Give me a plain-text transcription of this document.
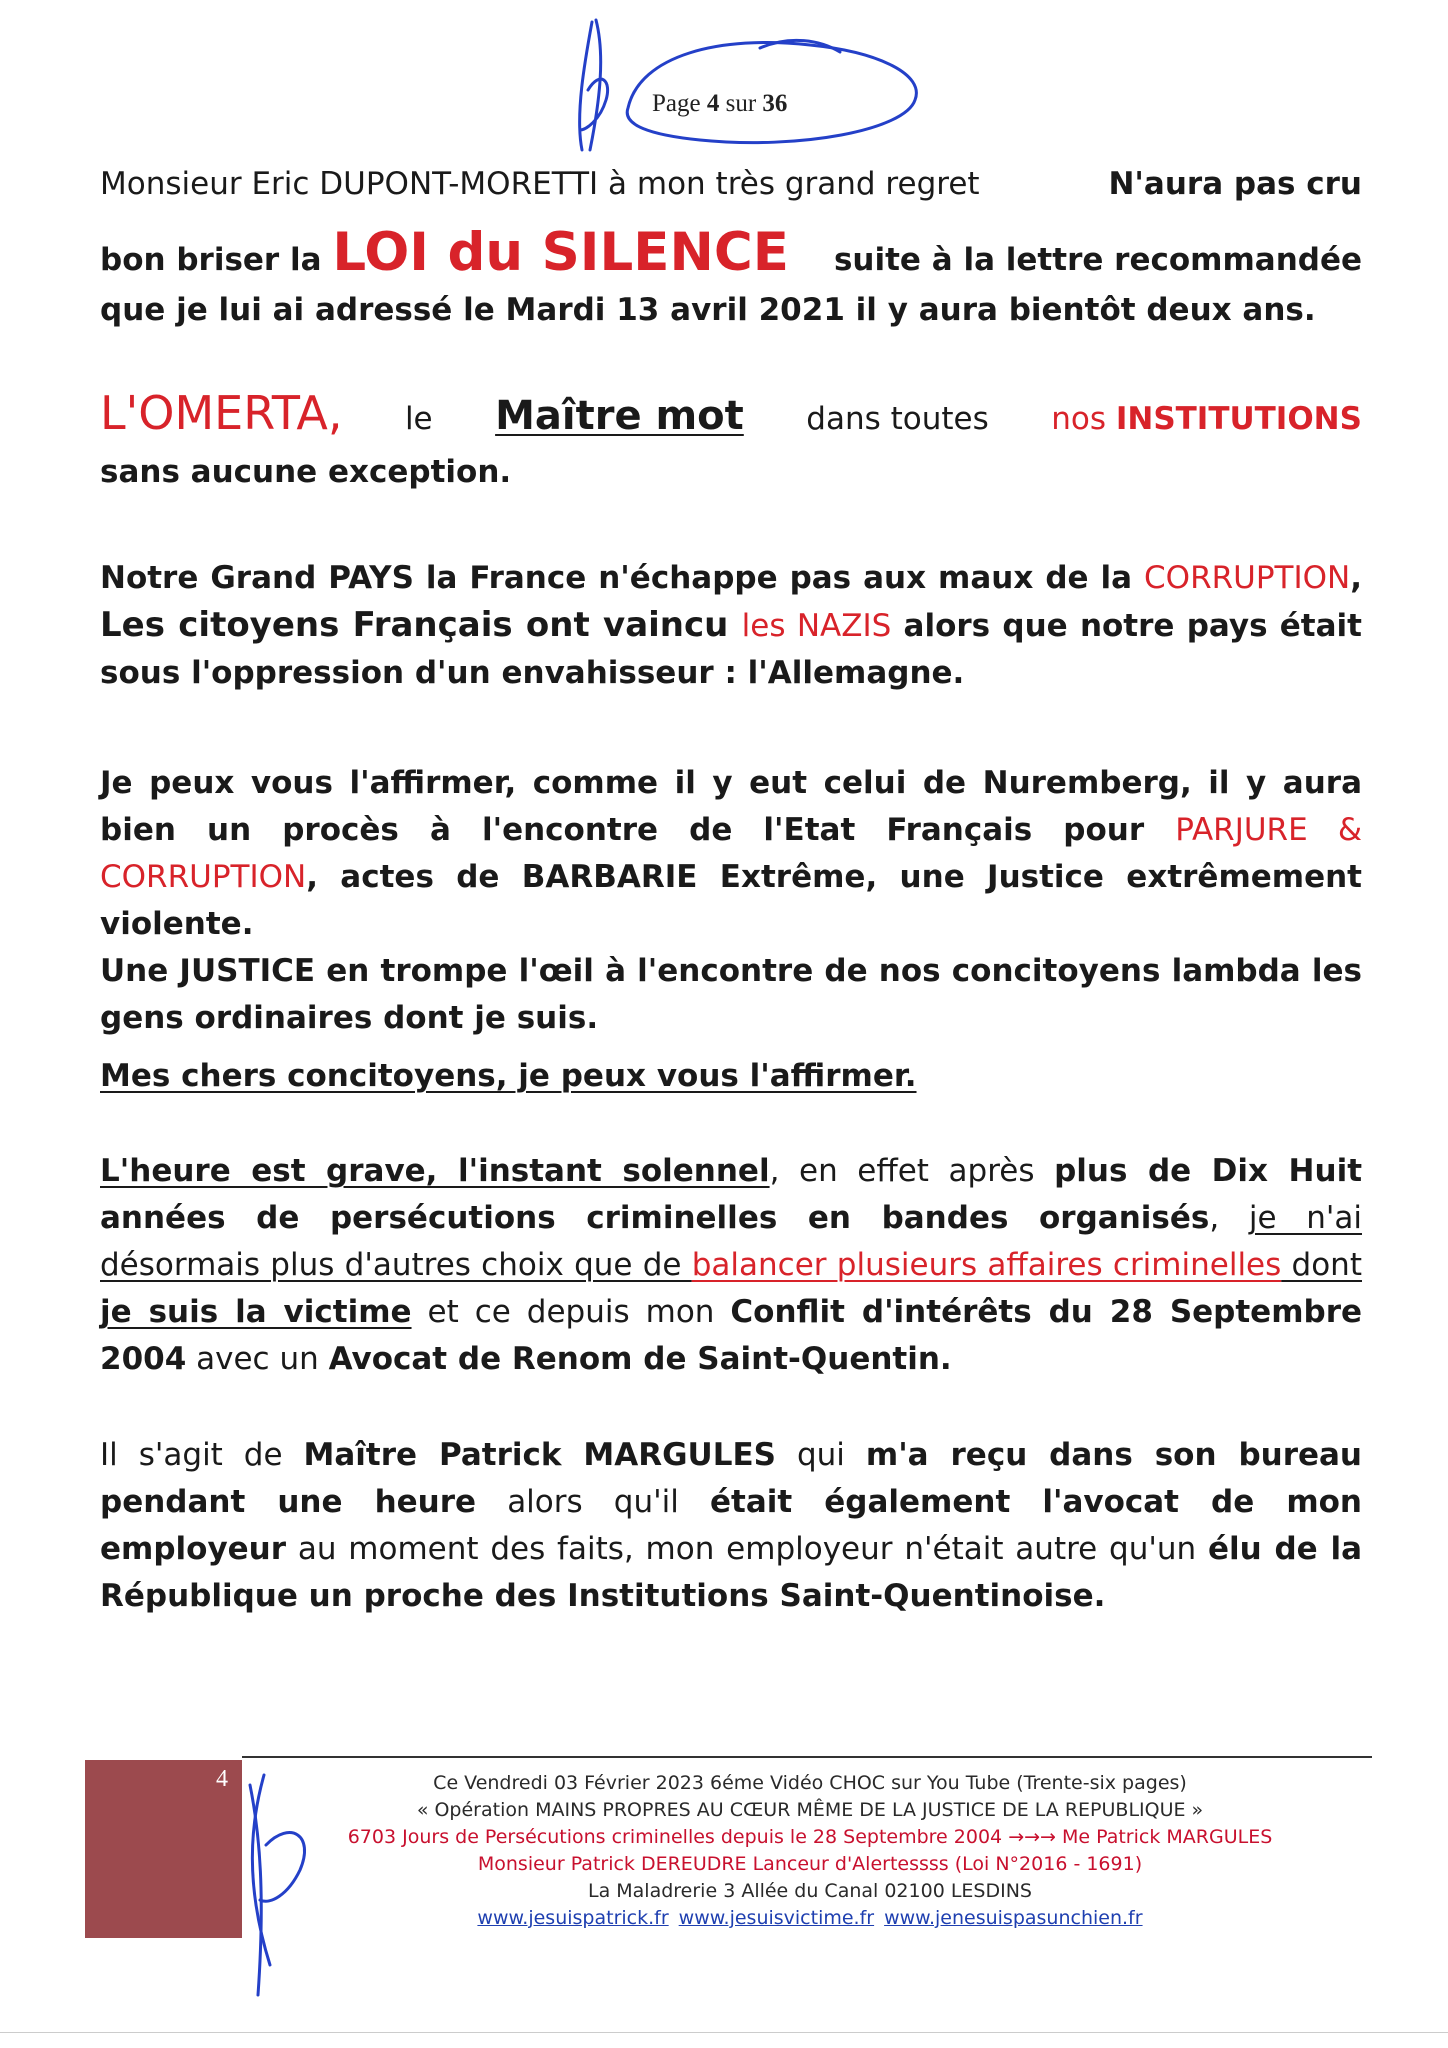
Page 4 sur 36
Monsieur Eric DUPONT-MORETTI à mon très grand regret	N'aura pas cru
bon briser la LOI du SILENCE suite à la lettre recommandée
que je lui ai adressé le Mardi 13 avril 2021 il y aura bientôt deux ans.
L'OMERTA, le Maître mot dans toutes nos INSTITUTIONS
sans aucune exception.

Notre Grand PAYS la France n'échappe pas aux maux de la CORRUPTION, Les citoyens Français ont vaincu les NAZIS alors que notre pays était sous l'oppression d'un envahisseur : l'Allemagne.

Je peux vous l'affirmer, comme il y eut celui de Nuremberg, il y aura bien un procès à l'encontre de l'Etat Français pour PARJURE & CORRUPTION, actes de BARBARIE Extrême, une Justice extrêmement violente.
Une JUSTICE en trompe l'œil à l'encontre de nos concitoyens lambda les gens ordinaires dont je suis.

Mes chers concitoyens, je peux vous l'affirmer.

L'heure est grave, l'instant solennel, en effet après plus de Dix Huit années de persécutions criminelles en bandes organisés, je n'ai désormais plus d'autres choix que de balancer plusieurs affaires criminelles dont je suis la victime et ce depuis mon Conflit d'intérêts du 28 Septembre 2004 avec un Avocat de Renom de Saint-Quentin.

Il s'agit de Maître Patrick MARGULES qui m'a reçu dans son bureau pendant une heure alors qu'il était également l'avocat de mon employeur au moment des faits, mon employeur n'était autre qu'un élu de la République un proche des Institutions Saint-Quentinoise.

4	Ce Vendredi 03 Février 2023 6éme Vidéo CHOC sur You Tube (Trente-six pages)
« Opération MAINS PROPRES AU CŒUR MÊME DE LA JUSTICE DE LA REPUBLIQUE »
6703 Jours de Persécutions criminelles depuis le 28 Septembre 2004 →→→ Me Patrick MARGULES
Monsieur Patrick DEREUDRE Lanceur d'Alertessss (Loi N°2016 - 1691)
La Maladrerie 3 Allée du Canal 02100 LESDINS
www.jesuispatrick.fr www.jesuisvictime.fr www.jenesuispasunchien.fr
